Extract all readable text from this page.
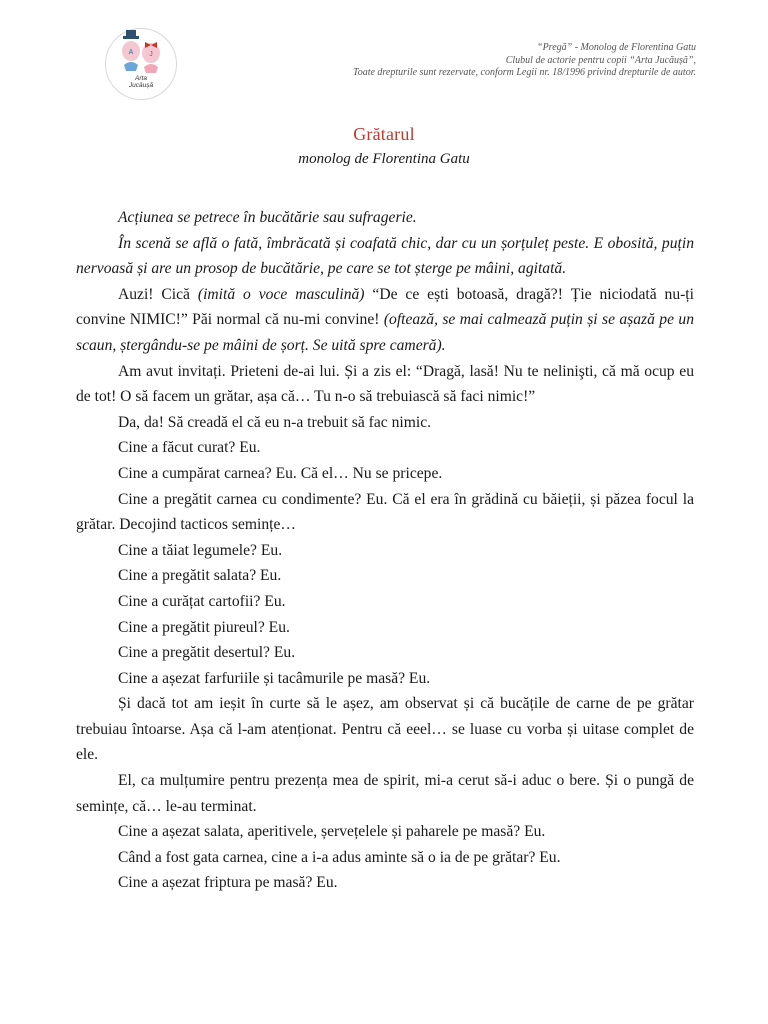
A J
Arta
Jucăușă
“Pregă” - Monolog de Florentina Gatu
Clubul de actorie pentru copii “Arta Jucăușă”,
Toate drepturile sunt rezervate, conform Legii nr. 18/1996 privind drepturile de autor.
Grătarul
monolog de Florentina Gatu

Acțiunea se petrece în bucătărie sau sufragerie.

În scenă se află o fată, îmbrăcată și coafată chic, dar cu un șorțuleț peste. E obosită, puțin nervoasă și are un prosop de bucătărie, pe care se tot șterge pe mâini, agitată.

Auzi! Cică (imită o voce masculină) “De ce ești botoasă, dragă?! Ție niciodată nu-ți convine NIMIC!” Păi normal că nu-mi convine! (oftează, se mai calmează puțin și se așază pe un scaun, ștergându-se pe mâini de șorț. Se uită spre cameră).

Am avut invitați. Prieteni de-ai lui. Și a zis el: “Dragă, lasă! Nu te nelinişti, că mă ocup eu de tot! O să facem un grătar, așa că… Tu n-o să trebuiască să faci nimic!”

Da, da! Să creadă el că eu n-a trebuit să fac nimic.

Cine a făcut curat? Eu.

Cine a cumpărat carnea? Eu. Că el… Nu se pricepe.

Cine a pregătit carnea cu condimente? Eu. Că el era în grădină cu băieții, și păzea focul la grătar. Decojind tacticos semințe…

Cine a tăiat legumele? Eu.

Cine a pregătit salata? Eu.

Cine a curățat cartofii? Eu.

Cine a pregătit piureul? Eu.

Cine a pregătit desertul? Eu.

Cine a așezat farfuriile și tacâmurile pe masă? Eu.

Și dacă tot am ieșit în curte să le așez, am observat și că bucățile de carne de pe grătar trebuiau întoarse. Așa că l-am atenționat. Pentru că eeel… se luase cu vorba și uitase complet de ele.

El, ca mulțumire pentru prezența mea de spirit, mi-a cerut să-i aduc o bere. Și o pungă de semințe, că… le-au terminat.

Cine a așezat salata, aperitivele, șervețelele și paharele pe masă? Eu.

Când a fost gata carnea, cine a i-a adus aminte să o ia de pe grătar? Eu.

Cine a așezat friptura pe masă? Eu.
